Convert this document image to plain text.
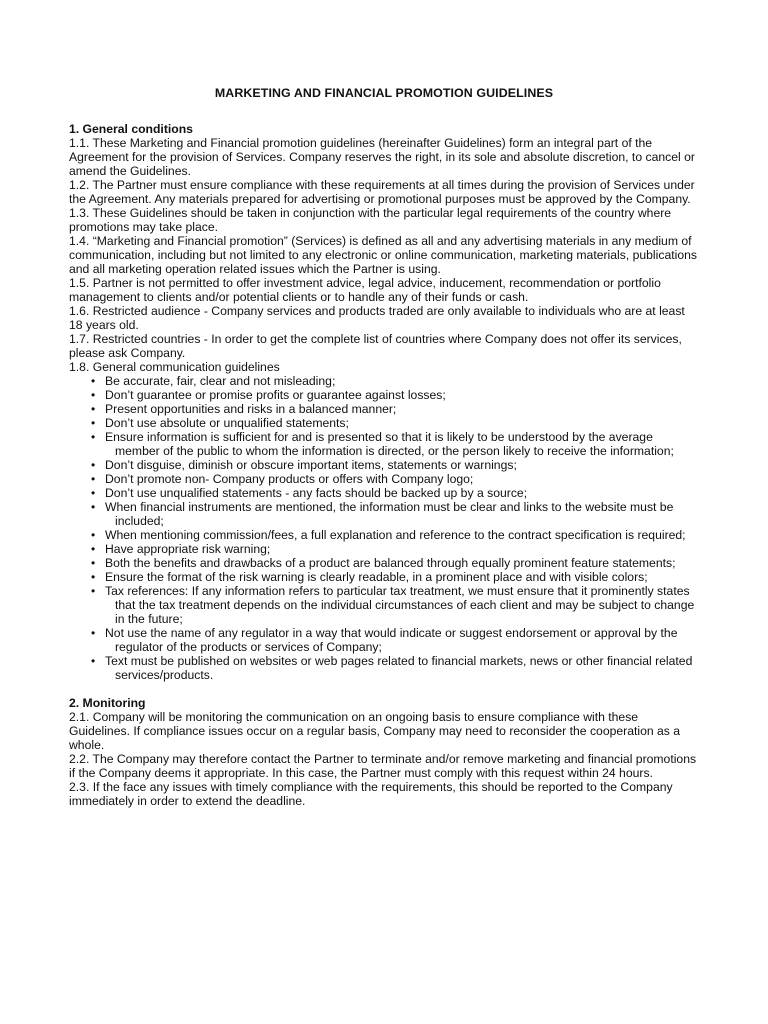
MARKETING AND FINANCIAL PROMOTION GUIDELINES
1. General conditions

1.1. These Marketing and Financial promotion guidelines (hereinafter Guidelines) form an integral part of the Agreement for the provision of Services. Company reserves the right, in its sole and absolute discretion, to cancel or amend the Guidelines.

1.2. The Partner must ensure compliance with these requirements at all times during the provision of Services under the Agreement. Any materials prepared for advertising or promotional purposes must be approved by the Company.

1.3. These Guidelines should be taken in conjunction with the particular legal requirements of the country where promotions may take place.

1.4. “Marketing and Financial promotion” (Services) is defined as all and any advertising materials in any medium of communication, including but not limited to any electronic or online communication, marketing materials, publications and all marketing operation related issues which the Partner is using.

1.5. Partner is not permitted to offer investment advice, legal advice, inducement, recommendation or portfolio management to clients and/or potential clients or to handle any of their funds or cash.

1.6. Restricted audience - Company services and products traded are only available to individuals who are at least 18 years old.

1.7. Restricted countries - In order to get the complete list of countries where Company does not offer its services, please ask Company.

1.8. General communication guidelines

• Be accurate, fair, clear and not misleading;
• Don’t guarantee or promise profits or guarantee against losses;
• Present opportunities and risks in a balanced manner;
• Don’t use absolute or unqualified statements;
• Ensure information is sufficient for and is presented so that it is likely to be understood by the average member of the public to whom the information is directed, or the person likely to receive the information;
• Don’t disguise, diminish or obscure important items, statements or warnings;
• Don’t promote non- Company products or offers with Company logo;
• Don’t use unqualified statements - any facts should be backed up by a source;
• When financial instruments are mentioned, the information must be clear and links to the website must be included;
• When mentioning commission/fees, a full explanation and reference to the contract specification is required;
• Have appropriate risk warning;
• Both the benefits and drawbacks of a product are balanced through equally prominent feature statements;
• Ensure the format of the risk warning is clearly readable, in a prominent place and with visible colors;
• Tax references: If any information refers to particular tax treatment, we must ensure that it prominently states that the tax treatment depends on the individual circumstances of each client and may be subject to change in the future;
• Not use the name of any regulator in a way that would indicate or suggest endorsement or approval by the regulator of the products or services of Company;
• Text must be published on websites or web pages related to financial markets, news or other financial related services/products.
2. Monitoring

2.1. Company will be monitoring the communication on an ongoing basis to ensure compliance with these Guidelines. If compliance issues occur on a regular basis, Company may need to reconsider the cooperation as a whole.

2.2. The Company may therefore contact the Partner to terminate and/or remove marketing and financial promotions if the Company deems it appropriate. In this case, the Partner must comply with this request within 24 hours.

2.3. If the face any issues with timely compliance with the requirements, this should be reported to the Company immediately in order to extend the deadline.
